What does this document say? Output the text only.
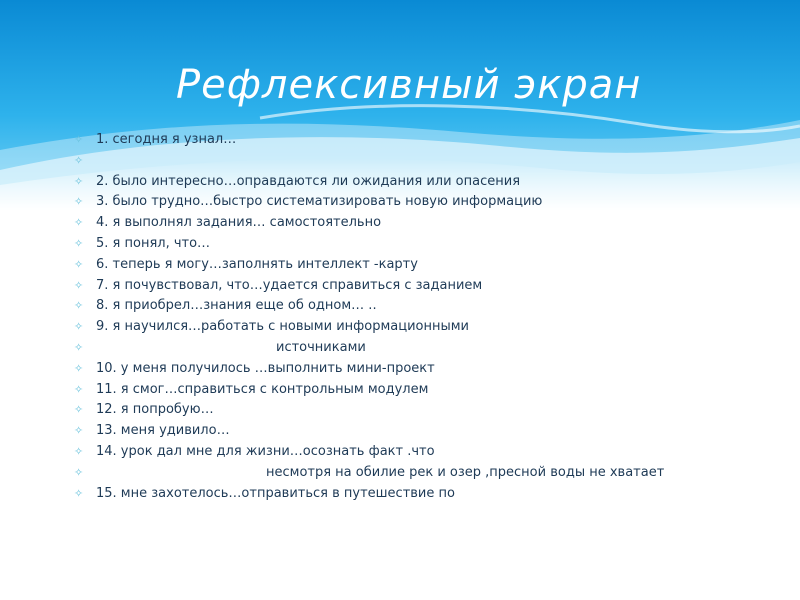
Рефлексивный экран
✧ 1. сегодня я узнал…
✧
✧ 2. было интересно…оправдаются ли ожидания или опасения
✧ 3. было трудно…быстро систематизировать новую информацию
✧ 4. я выполнял задания… самостоятельно
✧ 5. я понял, что…
✧ 6. теперь я могу…заполнять интеллект -карту
✧ 7. я почувствовал, что…удается справиться с заданием
✧ 8. я приобрел…знания еще об одном… ..
✧ 9. я научился…работать с новыми информационными
✧	источниками
✧ 10. у меня получилось …выполнить мини-проект
✧ 11. я смог…справиться с контрольным модулем
✧ 12. я попробую…
✧ 13. меня удивило…
✧ 14. урок дал мне для жизни…осознать факт .что
✧	несмотря на обилие рек и озер ,пресной воды не хватает
✧ 15. мне захотелось…отправиться в путешествие по
